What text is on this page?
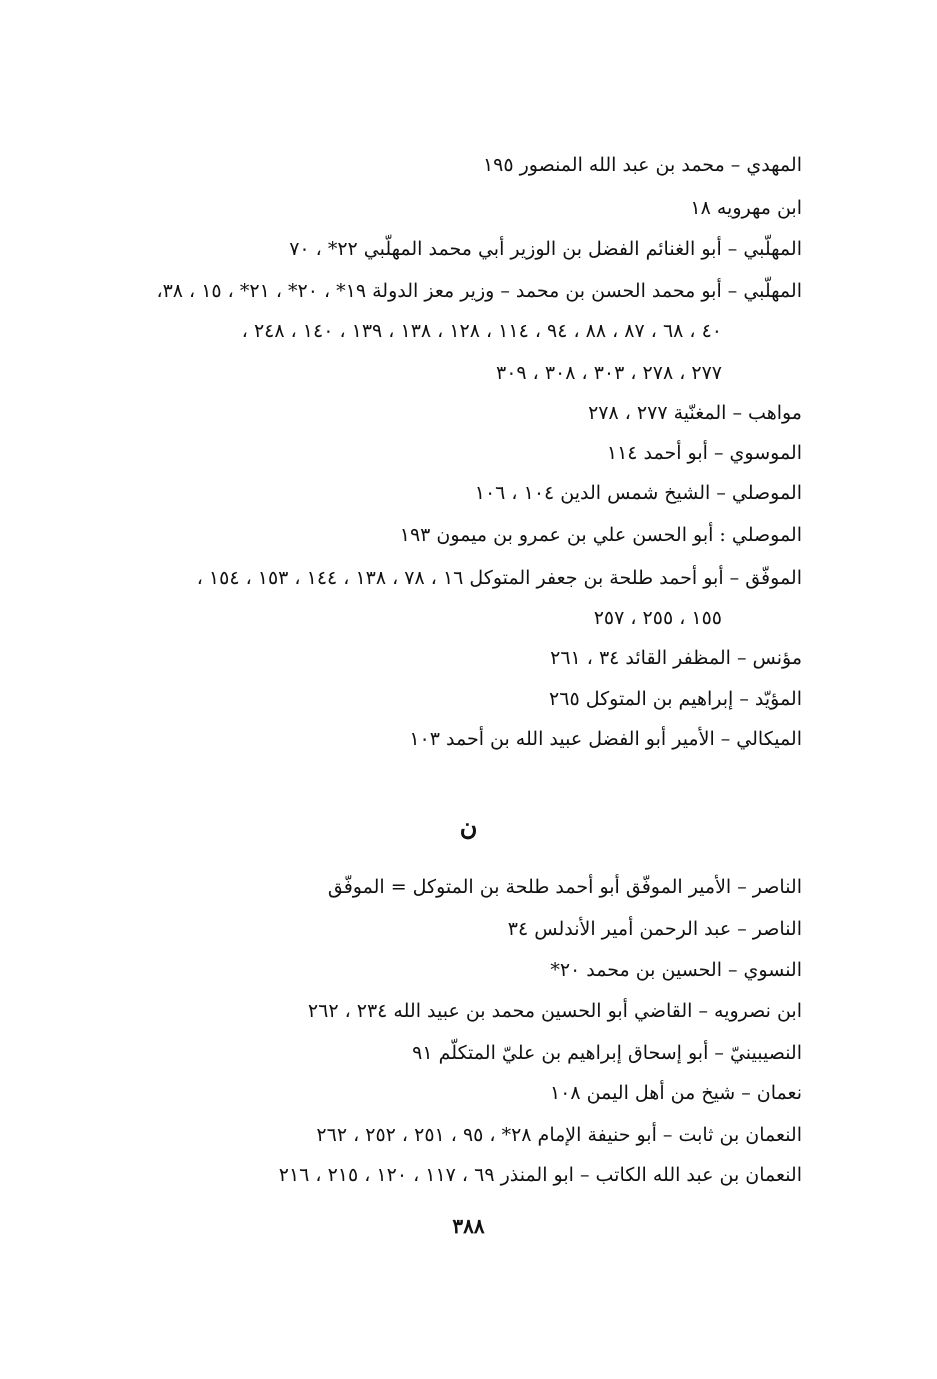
المهدي – محمد بن عبد الله المنصور ١٩٥
ابن مهرويه ١٨
المهلّبي – أبو الغنائم الفضل بن الوزير أبي محمد المهلّبي ٢٢* ، ٧٠
المهلّبي – أبو محمد الحسن بن محمد – وزير معز الدولة ١٩* ، ٢٠* ، ٢١* ، ١٥ ، ٣٨،
٤٠ ، ٦٨ ، ٨٧ ، ٨٨ ، ٩٤ ، ١١٤ ، ١٢٨ ، ١٣٨ ، ١٣٩ ، ١٤٠ ، ٢٤٨ ،
٢٧٧ ، ٢٧٨ ، ٣٠٣ ، ٣٠٨ ، ٣٠٩
مواهب – المغنّية ٢٧٧ ، ٢٧٨
الموسوي – أبو أحمد ١١٤
الموصلي – الشيخ شمس الدين ١٠٤ ، ١٠٦
الموصلي : أبو الحسن علي بن عمرو بن ميمون ١٩٣
الموفّق – أبو أحمد طلحة بن جعفر المتوكل ١٦ ، ٧٨ ، ١٣٨ ، ١٤٤ ، ١٥٣ ، ١٥٤ ،
١٥٥ ، ٢٥٥ ، ٢٥٧
مؤنس – المظفر القائد ٣٤ ، ٢٦١
المؤيّد – إبراهيم بن المتوكل ٢٦٥
الميكالي – الأمير أبو الفضل عبيد الله بن أحمد ١٠٣
ن
الناصر – الأمير الموفّق أبو أحمد طلحة بن المتوكل = الموفّق
الناصر – عبد الرحمن أمير الأندلس ٣٤
النسوي – الحسين بن محمد ٢٠*
ابن نصرويه – القاضي أبو الحسين محمد بن عبيد الله ٢٣٤ ، ٢٦٢
النصيبينيّ – أبو إسحاق إبراهيم بن عليّ المتكلّم ٩١
نعمان – شيخ من أهل اليمن ١٠٨
النعمان بن ثابت – أبو حنيفة الإمام ٢٨* ، ٩٥ ، ٢٥١ ، ٢٥٢ ، ٢٦٢
النعمان بن عبد الله الكاتب – ابو المنذر ٦٩ ، ١١٧ ، ١٢٠ ، ٢١٥ ، ٢١٦
٣٨٨
